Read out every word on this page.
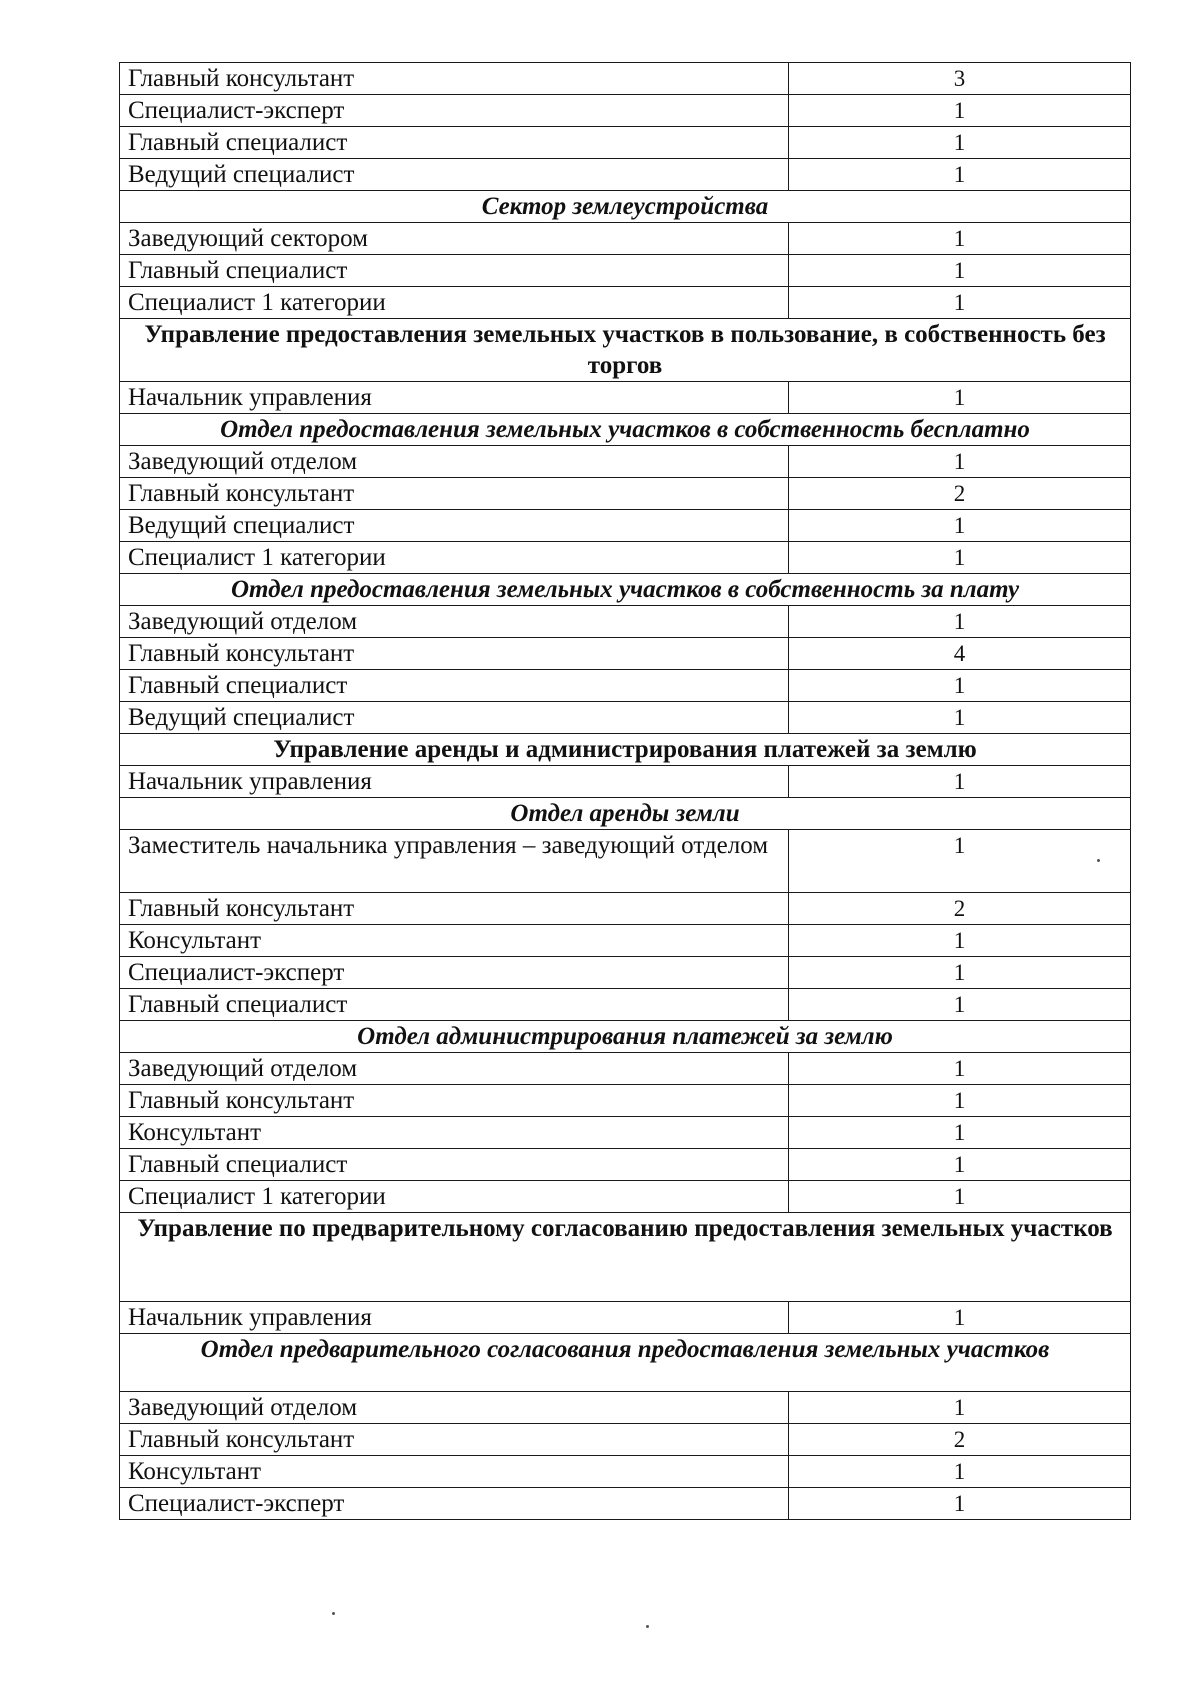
Главный консультант	3
Специалист-эксперт	1
Главный специалист	1
Ведущий специалист	1
Сектор землеустройства	
Заведующий сектором	1
Главный специалист	1
Специалист 1 категории	1
Управление предоставления земельных участков в пользование, в собственность без торгов	
Начальник управления	1
Отдел предоставления земельных участков в собственность бесплатно	
Заведующий отделом	1
Главный консультант	2
Ведущий специалист	1
Специалист 1 категории	1
Отдел предоставления земельных участков в собственность за плату	
Заведующий отделом	1
Главный консультант	4
Главный специалист	1
Ведущий специалист	1
Управление аренды и администрирования платежей за землю	
Начальник управления	1
Отдел аренды земли	
Заместитель начальника управления – заведующий отделом	1
Главный консультант	2
Консультант	1
Специалист-эксперт	1
Главный специалист	1
Отдел администрирования платежей за землю	
Заведующий отделом	1
Главный консультант	1
Консультант	1
Главный специалист	1
Специалист 1 категории	1
Управление по предварительному согласованию предоставления земельных участков	
Начальник управления	1
Отдел предварительного согласования предоставления земельных участков	
Заведующий отделом	1
Главный консультант	2
Консультант	1
Специалист-эксперт	1
